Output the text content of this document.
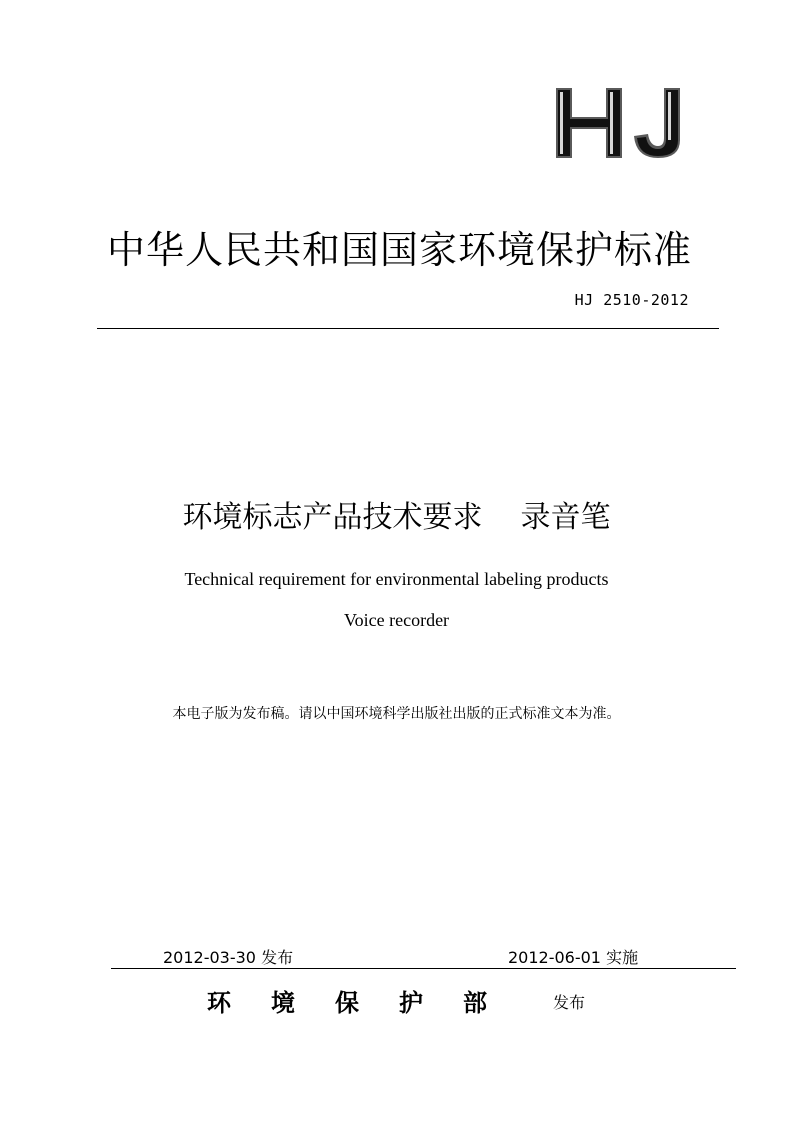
中华人民共和国国家环境保护标准
HJ 2510-2012
环境标志产品技术要求 录音笔
Technical requirement for environmental labeling products
Voice recorder
本电子版为发布稿。请以中国环境科学出版社出版的正式标准文本为准。
2012-03-30 发布	2012-06-01 实施
环境保护部 发布
